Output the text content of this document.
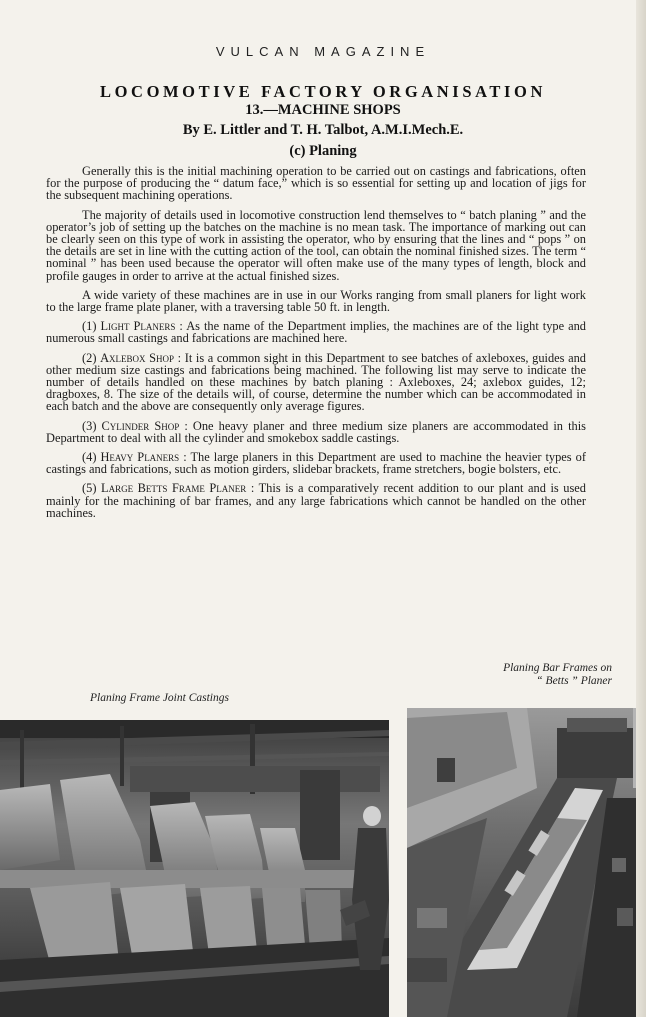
VULCAN MAGAZINE
LOCOMOTIVE FACTORY ORGANISATION
13.—MACHINE SHOPS
By E. Littler and T. H. Talbot, A.M.I.Mech.E.
(c) Planing

Generally this is the initial machining operation to be carried out on castings and fabrications, often for the purpose of producing the “ datum face,” which is so essential for setting up and location of jigs for the subsequent machining operations.

The majority of details used in locomotive construction lend themselves to “ batch planing ” and the operator’s job of setting up the batches on the machine is no mean task. The importance of marking out can be clearly seen on this type of work in assisting the operator, who by ensuring that the lines and “ pops ” on the details are set in line with the cutting action of the tool, can obtain the nominal finished sizes. The term “ nominal ” has been used because the operator will often make use of the many types of length, block and profile gauges in order to arrive at the actual finished sizes.

A wide variety of these machines are in use in our Works ranging from small planers for light work to the large frame plate planer, with a traversing table 50 ft. in length.

(1) Light Planers : As the name of the Department implies, the machines are of the light type and numerous small castings and fabrications are machined here.

(2) Axlebox Shop : It is a common sight in this Department to see batches of axleboxes, guides and other medium size castings and fabrications being machined. The following list may serve to indicate the number of details handled on these machines by batch planing : Axleboxes, 24; axlebox guides, 12; dragboxes, 8. The size of the details will, of course, determine the number which can be accommodated in each batch and the above are consequently only average figures.

(3) Cylinder Shop : One heavy planer and three medium size planers are accommodated in this Department to deal with all the cylinder and smokebox saddle castings.

(4) Heavy Planers : The large planers in this Department are used to machine the heavier types of castings and fabrications, such as motion girders, slidebar brackets, frame stretchers, bogie bolsters, etc.

(5) Large Betts Frame Planer : This is a comparatively recent addition to our plant and is used mainly for the machining of bar frames, and any large fabrications which cannot be handled on the other machines.

Planing Bar Frames on
“ Betts ” Planer
Planing Frame Joint Castings
